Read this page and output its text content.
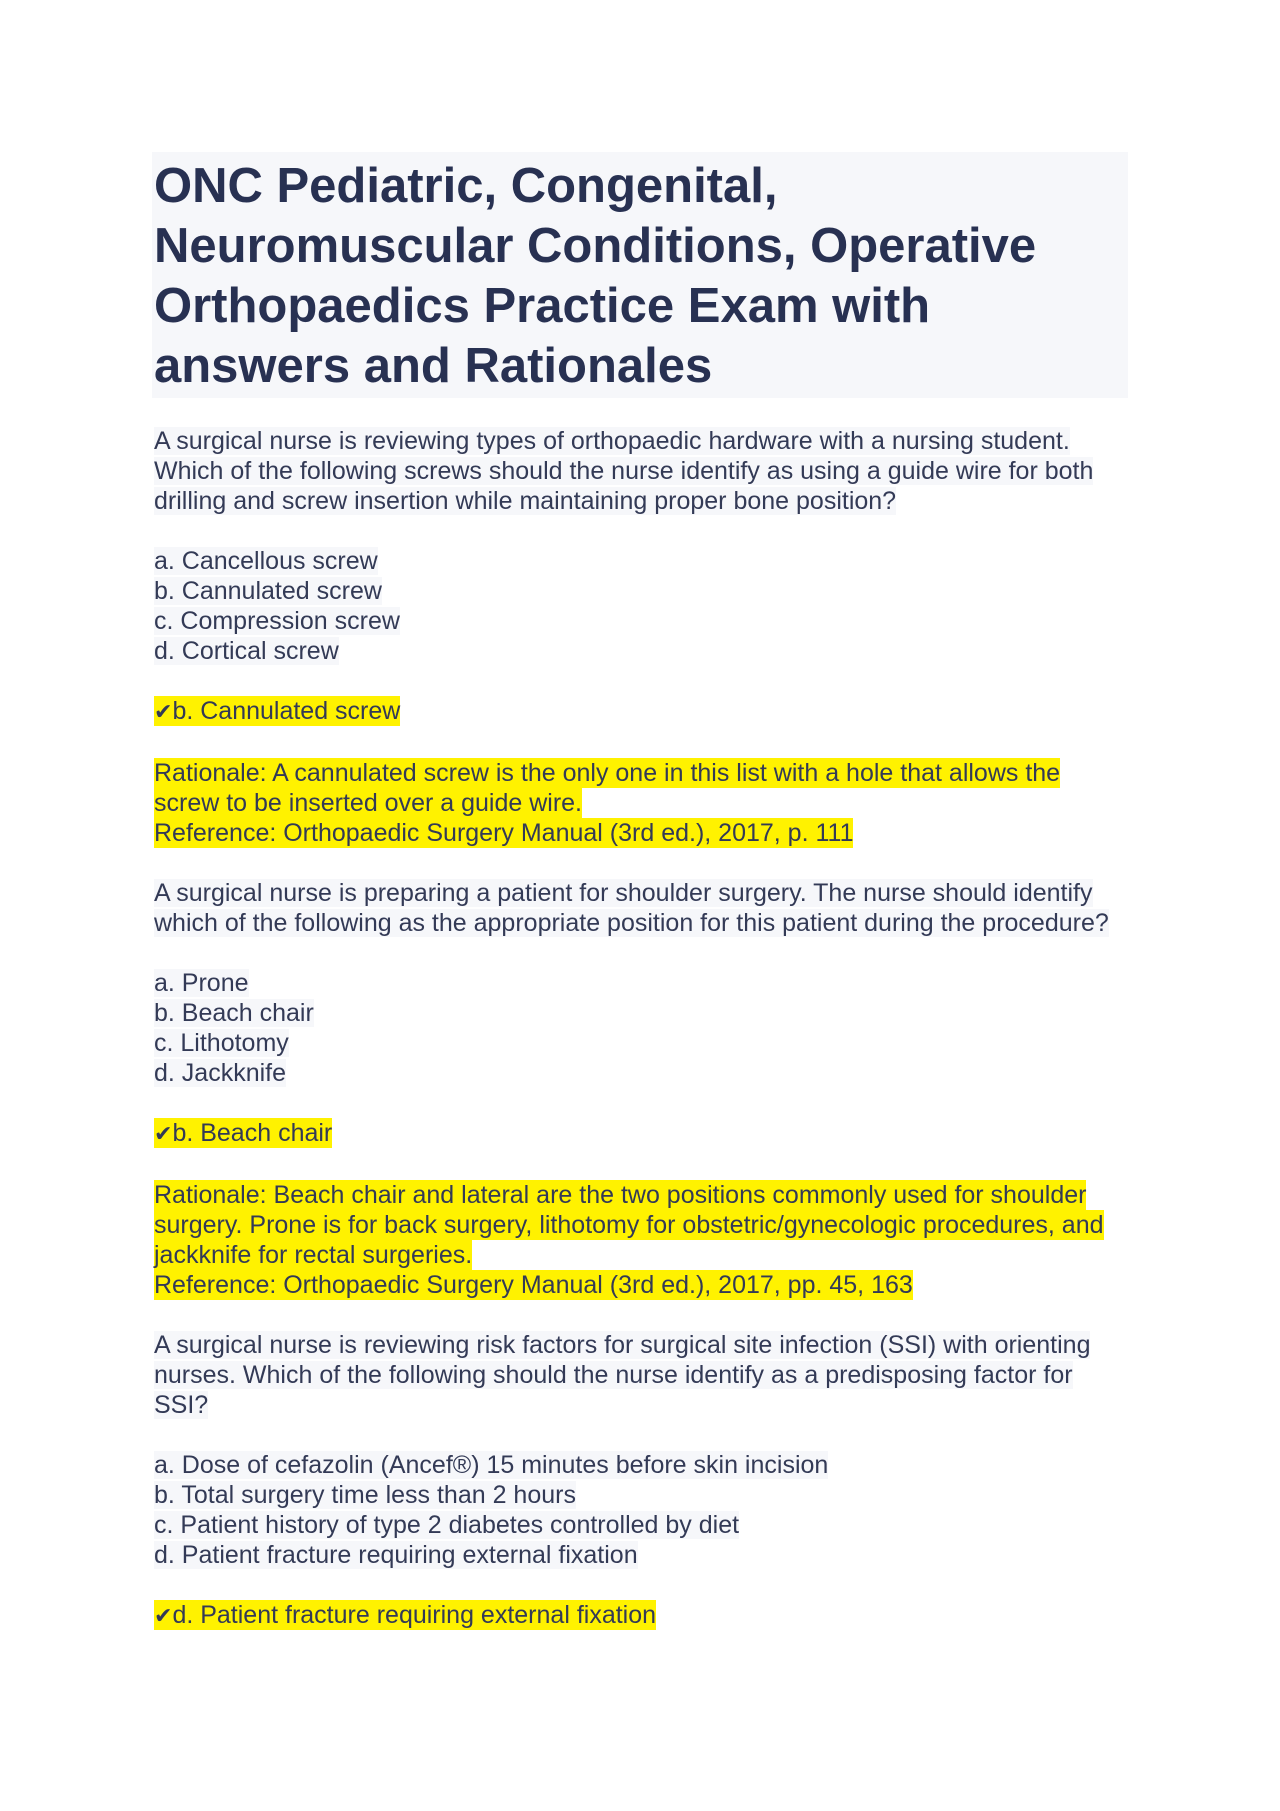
ONC Pediatric, Congenital, Neuromuscular Conditions, Operative Orthopaedics Practice Exam with answers and Rationales
A surgical nurse is reviewing types of orthopaedic hardware with a nursing student. Which of the following screws should the nurse identify as using a guide wire for both drilling and screw insertion while maintaining proper bone position?
a. Cancellous screw
b. Cannulated screw
c. Compression screw
d. Cortical screw
✔b. Cannulated screw
Rationale: A cannulated screw is the only one in this list with a hole that allows the screw to be inserted over a guide wire.
Reference: Orthopaedic Surgery Manual (3rd ed.), 2017, p. 111
A surgical nurse is preparing a patient for shoulder surgery. The nurse should identify which of the following as the appropriate position for this patient during the procedure?
a. Prone
b. Beach chair
c. Lithotomy
d. Jackknife
✔b. Beach chair
Rationale: Beach chair and lateral are the two positions commonly used for shoulder surgery. Prone is for back surgery, lithotomy for obstetric/gynecologic procedures, and jackknife for rectal surgeries.
Reference: Orthopaedic Surgery Manual (3rd ed.), 2017, pp. 45, 163
A surgical nurse is reviewing risk factors for surgical site infection (SSI) with orienting nurses. Which of the following should the nurse identify as a predisposing factor for SSI?
a. Dose of cefazolin (Ancef®) 15 minutes before skin incision
b. Total surgery time less than 2 hours
c. Patient history of type 2 diabetes controlled by diet
d. Patient fracture requiring external fixation
✔d. Patient fracture requiring external fixation
